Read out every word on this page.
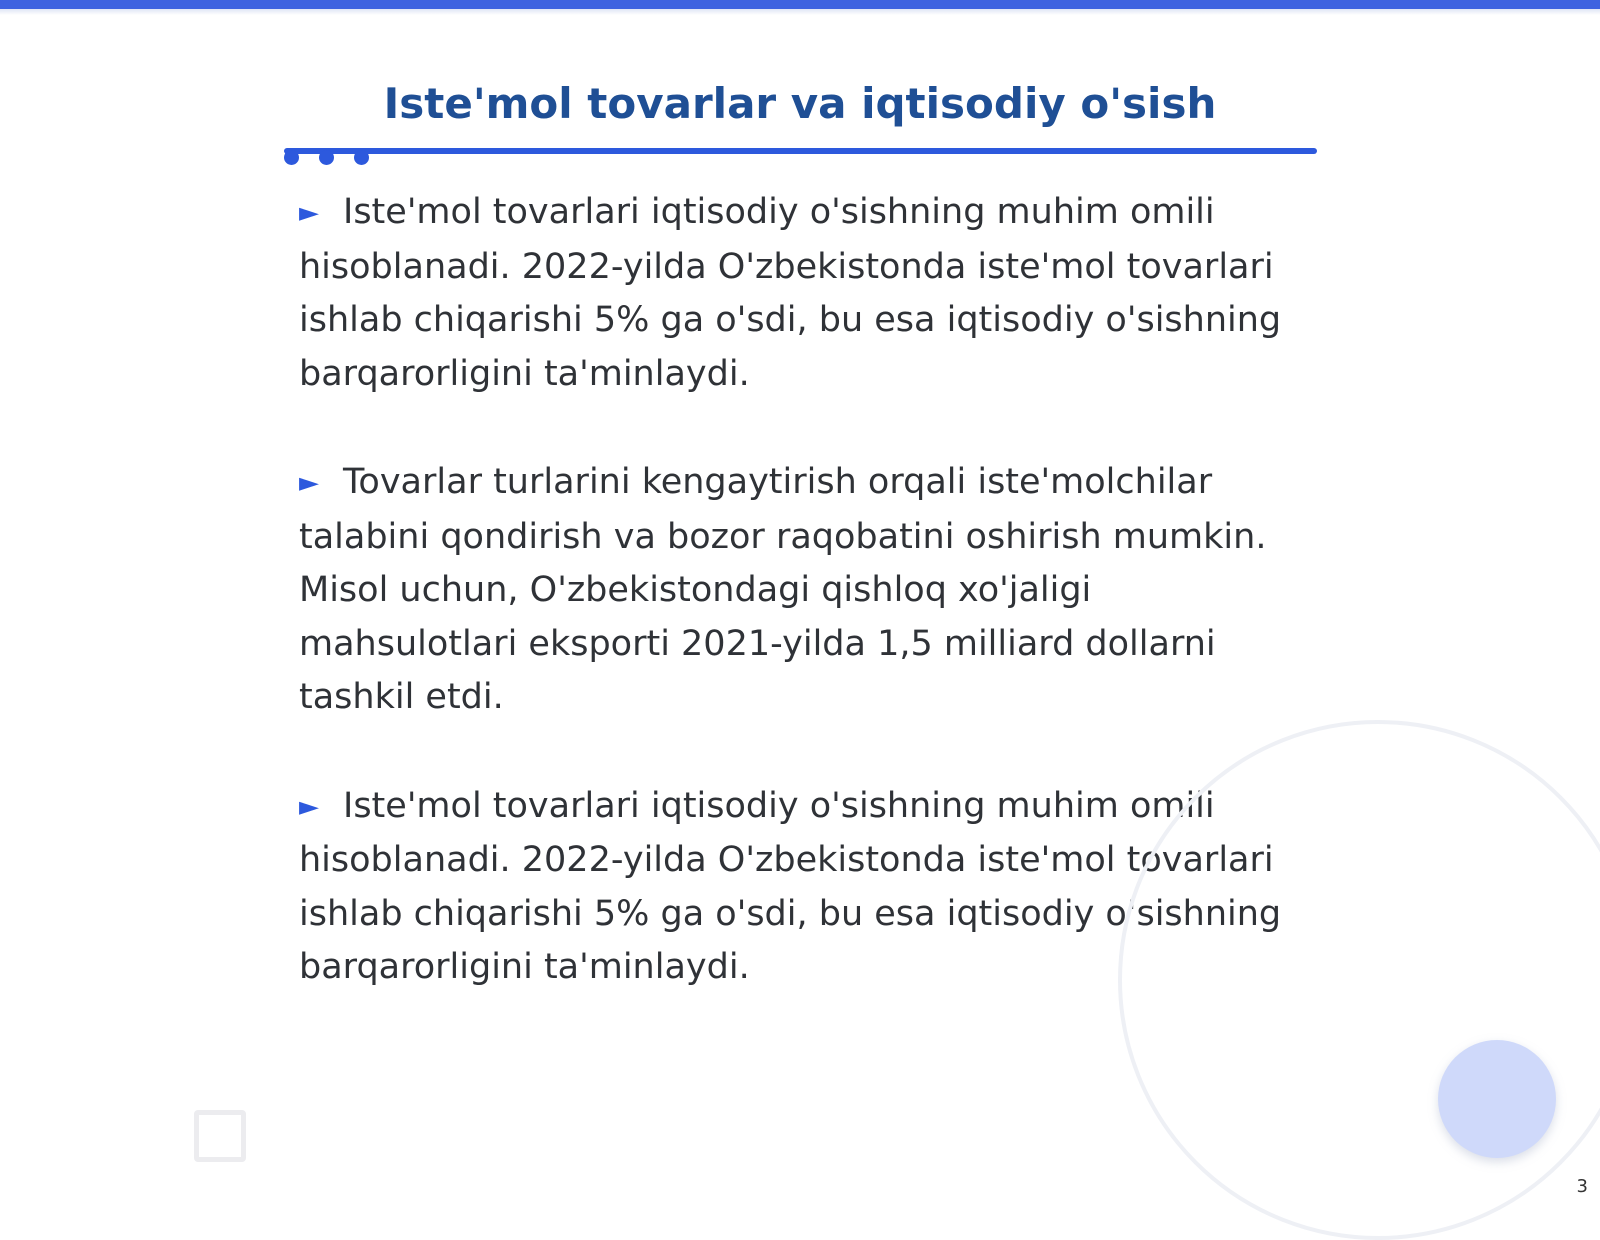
Iste'mol tovarlar va iqtisodiy o'sish

► Iste'mol tovarlari iqtisodiy o'sishning muhim omili hisoblanadi. 2022-yilda O'zbekistonda iste'mol tovarlari ishlab chiqarishi 5% ga o'sdi, bu esa iqtisodiy o'sishning barqarorligini ta'minlaydi.

► Tovarlar turlarini kengaytirish orqali iste'molchilar talabini qondirish va bozor raqobatini oshirish mumkin. Misol uchun, O'zbekistondagi qishloq xo'jaligi mahsulotlari eksporti 2021-yilda 1,5 milliard dollarni tashkil etdi.

► Iste'mol tovarlari iqtisodiy o'sishning muhim omili hisoblanadi. 2022-yilda O'zbekistonda iste'mol tovarlari ishlab chiqarishi 5% ga o'sdi, bu esa iqtisodiy o'sishning barqarorligini ta'minlaydi.

3
